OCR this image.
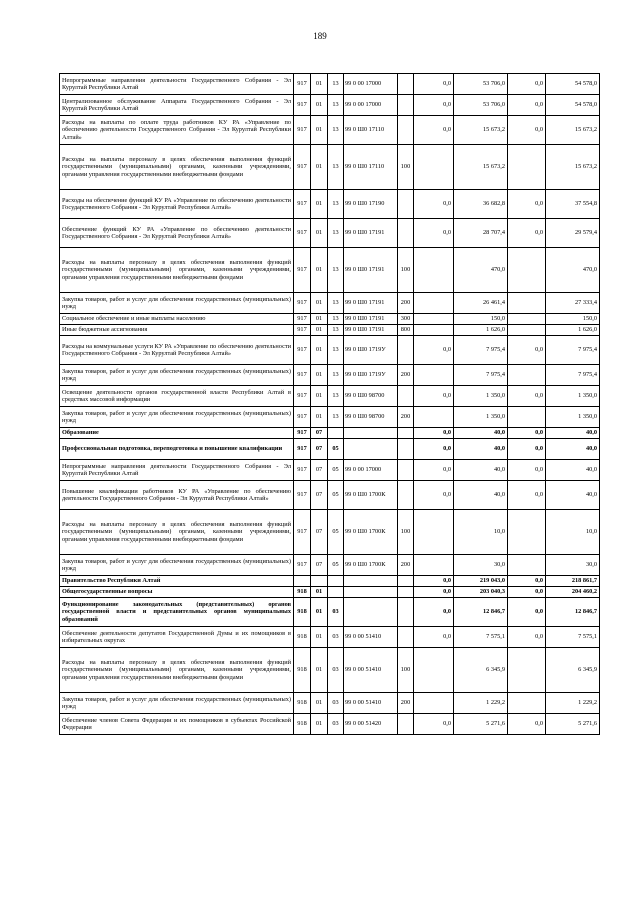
189
Непрограммные направления деятельности Государственного Собрания - Эл Курултай Республики Алтай	917	01	13	99 0 00 17000		0,0	53 706,0	0,0	54 578,0
Централизованное обслуживание Аппарата Государственного Собрания - Эл Курултай Республики Алтай	917	01	13	99 0 00 17000		0,0	53 706,0	0,0	54 578,0
Расходы на выплаты по оплате труда работников КУ РА «Управление по обеспечению деятельности Государственного Собрания - Эл Курултай Республики Алтай»	917	01	13	99 0 Ш0 17110		0,0	15 673,2	0,0	15 673,2
Расходы на выплаты персоналу в целях обеспечения выполнения функций государственными (муниципальными) органами, казенными учреждениями, органами управления государственными внебюджетными фондами	917	01	13	99 0 Ш0 17110	100		15 673,2		15 673,2
Расходы на обеспечение функций КУ РА «Управление по обеспечению деятельности Государственного Собрания - Эл Курултай Республики Алтай»	917	01	13	99 0 Ш0 17190		0,0	36 682,8	0,0	37 554,8
Обеспечение функций КУ РА «Управление по обеспечению деятельности Государственного Собрания - Эл Курултай Республики Алтай»	917	01	13	99 0 Ш0 17191		0,0	28 707,4	0,0	29 579,4
Расходы на выплаты персоналу в целях обеспечения выполнения функций государственными (муниципальными) органами, казенными учреждениями, органами управления государственными внебюджетными фондами	917	01	13	99 0 Ш0 17191	100		470,0		470,0
Закупка товаров, работ и услуг для обеспечения государственных (муниципальных) нужд	917	01	13	99 0 Ш0 17191	200		26 461,4		27 333,4
Социальное обеспечение и иные выплаты населению	917	01	13	99 0 Ш0 17191	300		150,0		150,0
Иные бюджетные ассигнования	917	01	13	99 0 Ш0 17191	800		1 626,0		1 626,0
Расходы на коммунальные услуги КУ РА «Управление по обеспечению деятельности Государственного Собрания - Эл Курултай Республики Алтай»	917	01	13	99 0 Ш0 1719У		0,0	7 975,4	0,0	7 975,4
Закупка товаров, работ и услуг для обеспечения государственных (муниципальных) нужд	917	01	13	99 0 Ш0 1719У	200		7 975,4		7 975,4
Освещение деятельности органов государственной власти Республики Алтай в средствах массовой информации	917	01	13	99 0 Ш0 98700		0,0	1 350,0	0,0	1 350,0
Закупка товаров, работ и услуг для обеспечения государственных (муниципальных) нужд	917	01	13	99 0 Ш0 98700	200		1 350,0		1 350,0
Образование	917	07				0,0	40,0	0,0	40,0
Профессиональная подготовка, переподготовка и повышение квалификации	917	07	05			0,0	40,0	0,0	40,0
Непрограммные направления деятельности Государственного Собрания - Эл Курултай Республики Алтай	917	07	05	99 0 00 17000		0,0	40,0	0,0	40,0
Повышение квалификации работников КУ РА «Управление по обеспечению деятельности Государственного Собрания - Эл Курултай Республики Алтай»	917	07	05	99 0 Ш0 1700К		0,0	40,0	0,0	40,0
Расходы на выплаты персоналу в целях обеспечения выполнения функций государственными (муниципальными) органами, казенными учреждениями, органами управления государственными внебюджетными фондами	917	07	05	99 0 Ш0 1700К	100		10,0		10,0
Закупка товаров, работ и услуг для обеспечения государственных (муниципальных) нужд	917	07	05	99 0 Ш0 1700К	200		30,0		30,0
Правительство Республики Алтай						0,0	219 043,0	0,0	218 861,7
Общегосударственные вопросы	918	01				0,0	203 040,3	0,0	204 460,2
Функционирование законодательных (представительных) органов государственной власти и представительных органов муниципальных образований	918	01	03			0,0	12 846,7	0,0	12 846,7
Обеспечение деятельности депутатов Государственной Думы и их помощников в избирательных округах	918	01	03	99 0 00 51410		0,0	7 575,1	0,0	7 575,1
Расходы на выплаты персоналу в целях обеспечения выполнения функций государственными (муниципальными) органами, казенными учреждениями, органами управления государственными внебюджетными фондами	918	01	03	99 0 00 51410	100		6 345,9		6 345,9
Закупка товаров, работ и услуг для обеспечения государственных (муниципальных) нужд	918	01	03	99 0 00 51410	200		1 229,2		1 229,2
Обеспечение членов Совета Федерации и их помощников в субъектах Российской Федерации	918	01	03	99 0 00 51420		0,0	5 271,6	0,0	5 271,6
